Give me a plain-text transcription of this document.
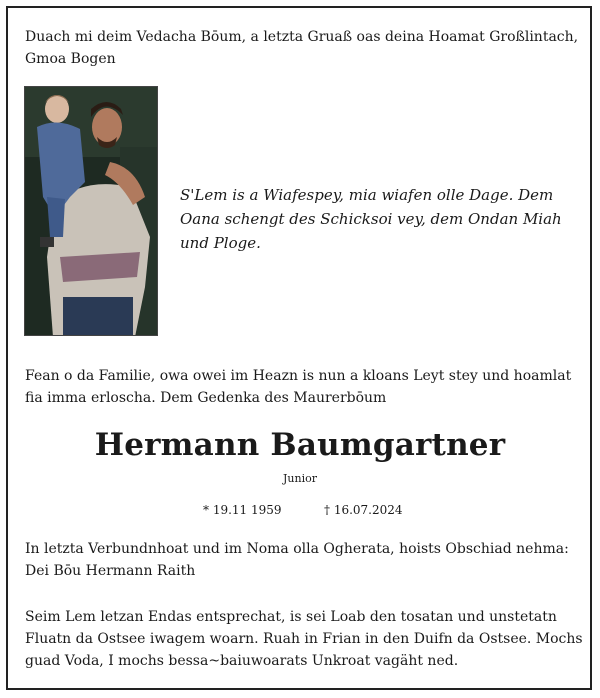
Duach mi deim Vedacha Bōum, a letzta Gruaß oas deina Hoamat Großlintach, Gmoa Bogen

S'Lem is a Wiafespey, mia wiafen olle Dage. Dem Oana schengt des Schicksoi vey, dem Ondan Miah und Ploge.

Fean o da Familie, owa owei im Heazn is nun a kloans Leyt stey und hoamlat fia imma erloscha. Dem Gedenka des Maurerbōum

Hermann Baumgartner

Junior

* 19.11 1959	† 16.07.2024

In letzta Verbundnhoat und im Noma olla Ogherata, hoists Obschiad nehma:
Dei Bōu Hermann Raith

Seim Lem letzan Endas entsprechat, is sei Loab den tosatan und unstetatn Fluatn da Ostsee iwagem woarn. Ruah in Frian in den Duifn da Ostsee. Mochs guad Voda, I mochs bessa~baiuwoarats Unkroat vagäht ned.
